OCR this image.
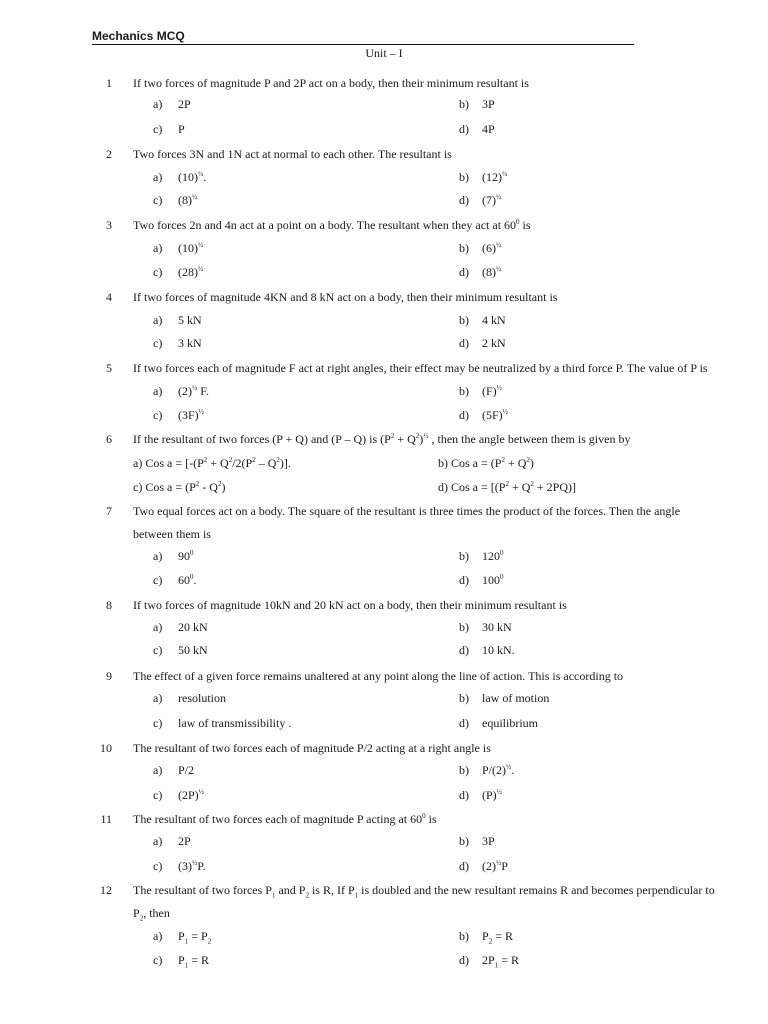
Mechanics MCQ
Unit – I
1 If two forces of magnitude P and 2P act on a body, then their minimum resultant is
a) 2P	b) 3P
c) P	d) 4P
2 Two forces 3N and 1N act at normal to each other. The resultant is
a) $(10)^{\frac{1}{2}}$.	b) $(12)^{\frac{1}{2}}$
c) $(8)^{\frac{1}{2}}$	d) $(7)^{\frac{1}{2}}$
3 Two forces 2n and 4n act at a point on a body. The resultant when they act at $60^0$ is
a) $(10)^{\frac{1}{2}}$	b) $(6)^{\frac{1}{2}}$
c) $(28)^{\frac{1}{2}}$	d) $(8)^{\frac{1}{2}}$
4 If two forces of magnitude 4KN and 8 kN act on a body, then their minimum resultant is
a) 5 kN	b) 4 kN
c) 3 kN	d) 2 kN
5 If two forces each of magnitude F act at right angles, their effect may be neutralized by a third force P. The value of P is
a) $(2)^{\frac{1}{2}}$ F.	b) $(F)^{\frac{1}{2}}$
c) $(3F)^{\frac{1}{2}}$	d) $(5F)^{\frac{1}{2}}$
6 If the resultant of two forces (P + Q) and (P – Q) is $(P^2 + Q^2)^{\frac{1}{2}}$ , then the angle between them is given by
a) Cos $a = [-(P^2 + Q^2/2(P^2 - Q^2)]$.	b) Cos $a = (P^2 + Q^2)$
c) Cos $a = (P^2 - Q^2)$	d) Cos $a = [(P^2 + Q^2 + 2PQ)]$
7 Two equal forces act on a body. The square of the resultant is three times the product of the forces. Then the angle
between them is
a) $90^0$	b) $120^0$
c) $60^0$.	d) $100^0$
8 If two forces of magnitude 10kN and 20 kN act on a body, then their minimum resultant is
a) 20 kN	b) 30 kN
c) 50 kN	d) 10 kN.
9 The effect of a given force remains unaltered at any point along the line of action. This is according to
a) resolution	b) law of motion
c) law of transmissibility .	d) equilibrium
10 The resultant of two forces each of magnitude P/2 acting at a right angle is
a) P/2	b) $P/(2)^{\frac{1}{2}}$.
c) $(2P)^{\frac{1}{2}}$	d) $(P)^{\frac{1}{2}}$
11 The resultant of two forces each of magnitude P acting at $60^0$ is
a) 2P	b) 3P
c) $(3)^{\frac{1}{2}}P$.	d) $(2)^{\frac{1}{2}}P$
12 The resultant of two forces $P_1$ and $P_2$ is R, If $P_1$ is doubled and the new resultant remains R and becomes perpendicular to
$P_2$, then
a) $P_1 = P_2$	b) $P_2 = R$
c) $P_1 = R$	d) $2P_1 = R$
